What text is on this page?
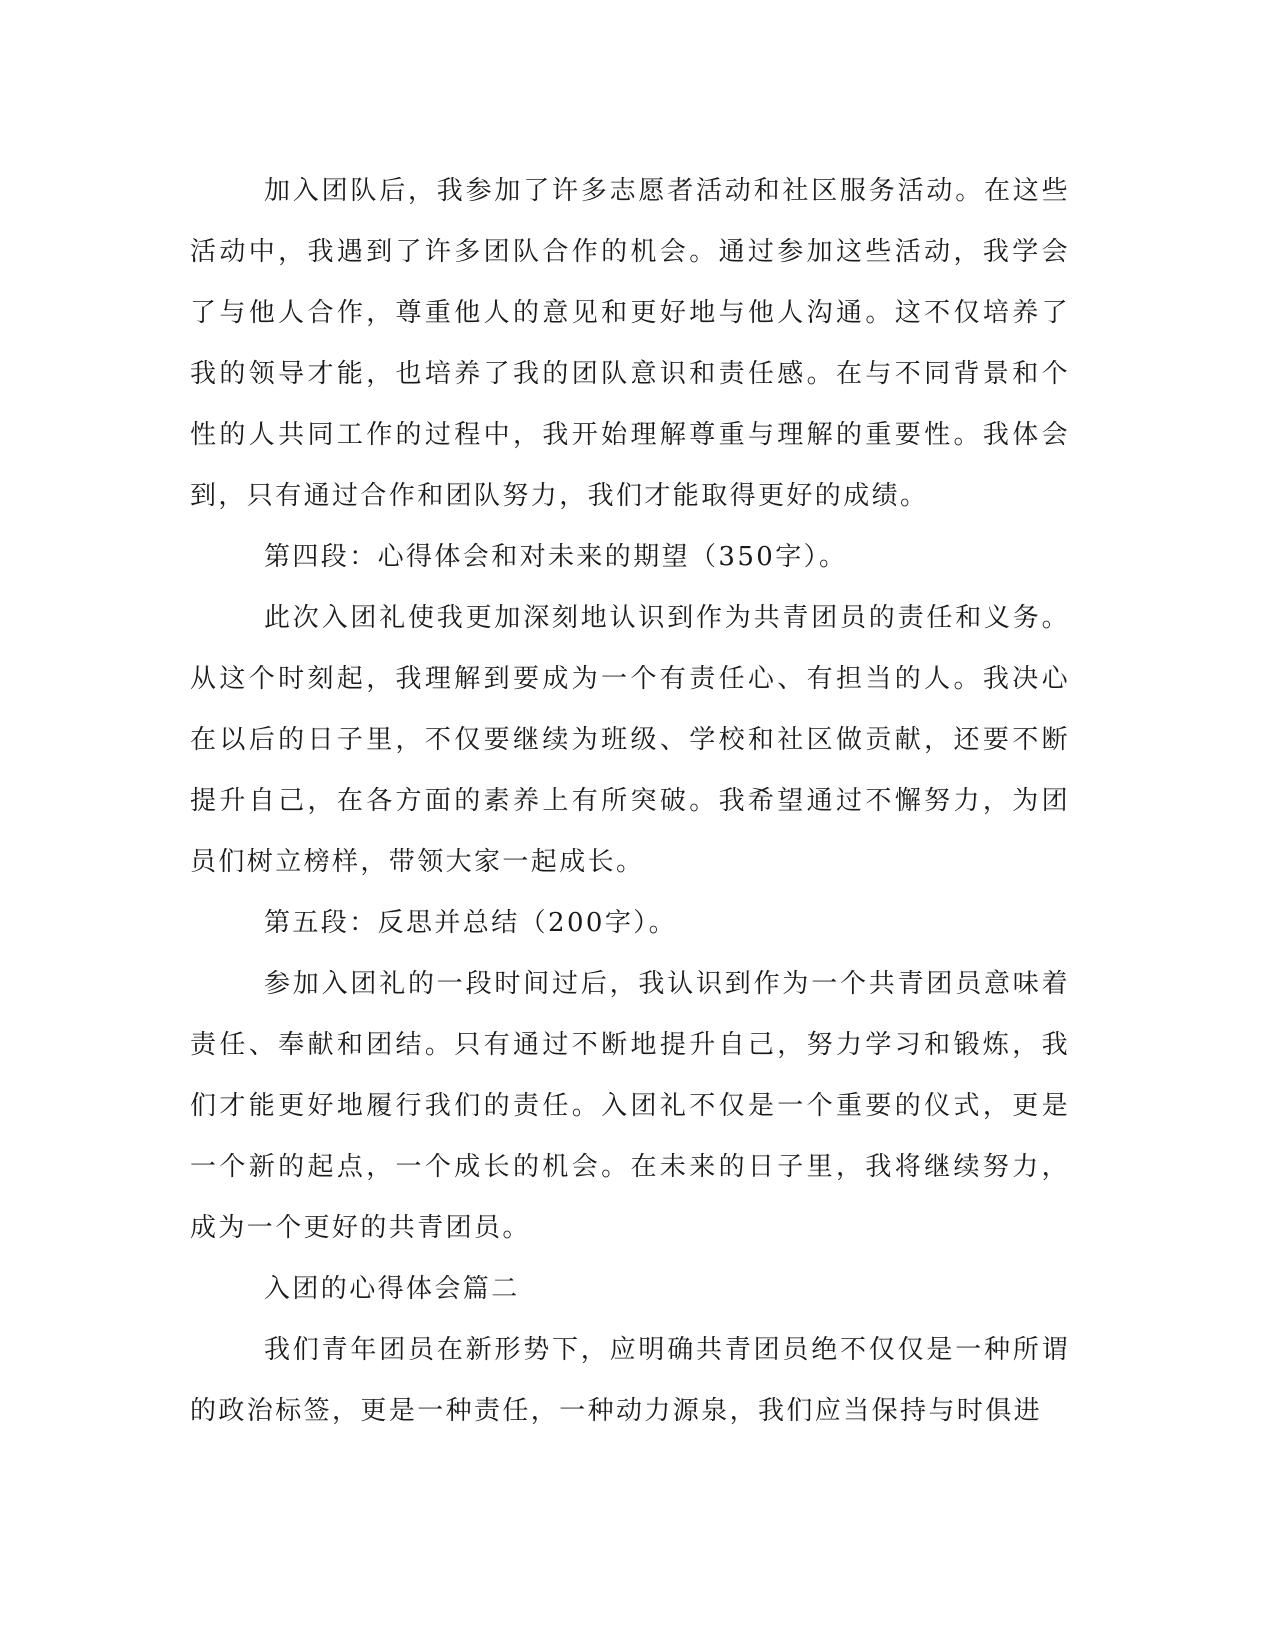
加入团队后，我参加了许多志愿者活动和社区服务活动。在这些活动中，我遇到了许多团队合作的机会。通过参加这些活动，我学会了与他人合作，尊重他人的意见和更好地与他人沟通。这不仅培养了我的领导才能，也培养了我的团队意识和责任感。在与不同背景和个性的人共同工作的过程中，我开始理解尊重与理解的重要性。我体会到，只有通过合作和团队努力，我们才能取得更好的成绩。

第四段：心得体会和对未来的期望（350字）。

此次入团礼使我更加深刻地认识到作为共青团员的责任和义务。从这个时刻起，我理解到要成为一个有责任心、有担当的人。我决心在以后的日子里，不仅要继续为班级、学校和社区做贡献，还要不断提升自己，在各方面的素养上有所突破。我希望通过不懈努力，为团员们树立榜样，带领大家一起成长。

第五段：反思并总结（200字）。

参加入团礼的一段时间过后，我认识到作为一个共青团员意味着责任、奉献和团结。只有通过不断地提升自己，努力学习和锻炼，我们才能更好地履行我们的责任。入团礼不仅是一个重要的仪式，更是一个新的起点，一个成长的机会。在未来的日子里，我将继续努力，成为一个更好的共青团员。

入团的心得体会篇二

我们青年团员在新形势下，应明确共青团员绝不仅仅是一种所谓的政治标签，更是一种责任，一种动力源泉，我们应当保持与时俱进
